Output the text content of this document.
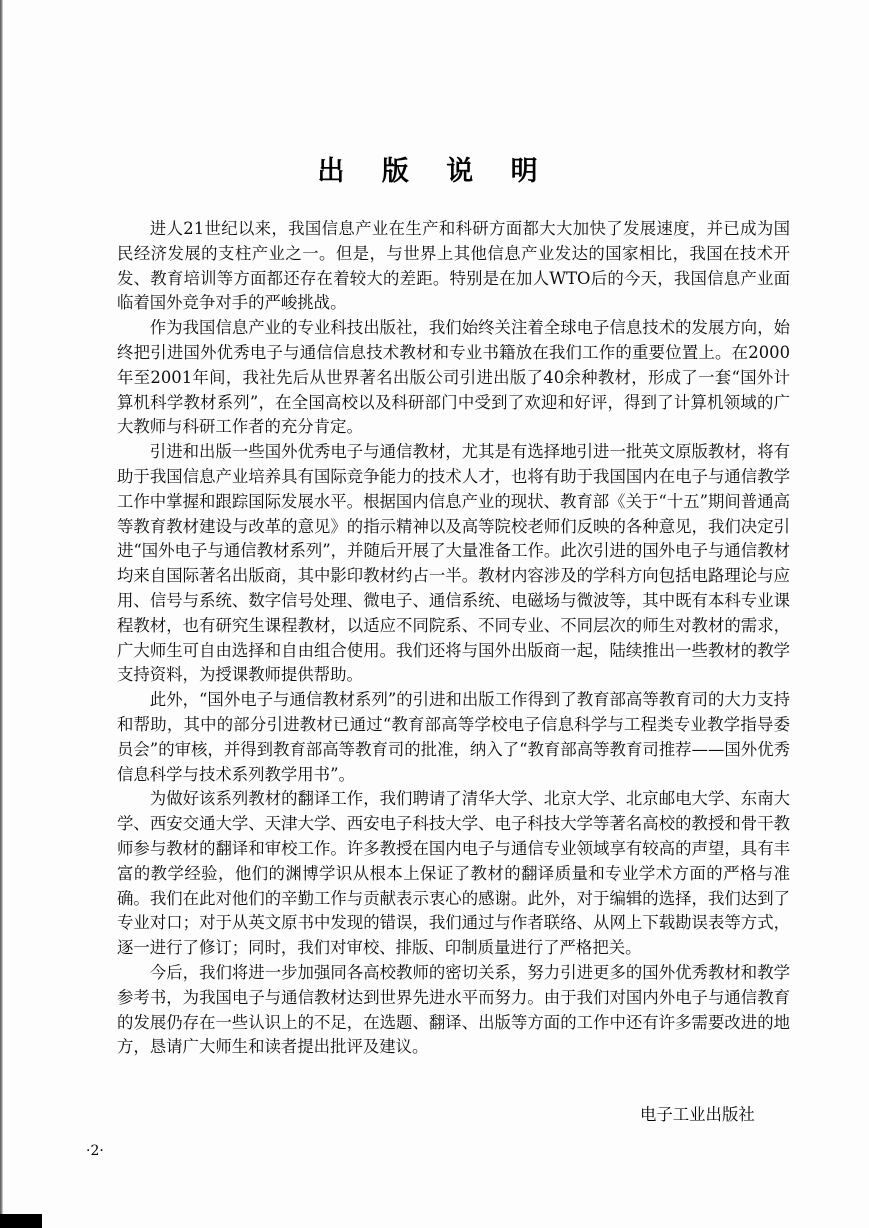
出 版 说 明

进人21世纪以来，我国信息产业在生产和科研方面都大大加快了发展速度，并已成为国民经济发展的支柱产业之一。但是，与世界上其他信息产业发达的国家相比，我国在技术开发、教育培训等方面都还存在着较大的差距。特别是在加人WTO后的今天，我国信息产业面临着国外竞争对手的严峻挑战。

作为我国信息产业的专业科技出版社，我们始终关注着全球电子信息技术的发展方向，始终把引进国外优秀电子与通信信息技术教材和专业书籍放在我们工作的重要位置上。在2000年至2001年间，我社先后从世界著名出版公司引进出版了40余种教材，形成了一套“国外计算机科学教材系列”，在全国高校以及科研部门中受到了欢迎和好评，得到了计算机领域的广大教师与科研工作者的充分肯定。

引进和出版一些国外优秀电子与通信教材，尤其是有选择地引进一批英文原版教材，将有助于我国信息产业培养具有国际竞争能力的技术人才，也将有助于我国国内在电子与通信教学工作中掌握和跟踪国际发展水平。根据国内信息产业的现状、教育部《关于“十五”期间普通高等教育教材建设与改革的意见》的指示精神以及高等院校老师们反映的各种意见，我们决定引进“国外电子与通信教材系列”，并随后开展了大量准备工作。此次引进的国外电子与通信教材均来自国际著名出版商，其中影印教材约占一半。教材内容涉及的学科方向包括电路理论与应用、信号与系统、数字信号处理、微电子、通信系统、电磁场与微波等，其中既有本科专业课程教材，也有研究生课程教材，以适应不同院系、不同专业、不同层次的师生对教材的需求，广大师生可自由选择和自由组合使用。我们还将与国外出版商一起，陆续推出一些教材的教学支持资料，为授课教师提供帮助。

此外，“国外电子与通信教材系列”的引进和出版工作得到了教育部高等教育司的大力支持和帮助，其中的部分引进教材已通过“教育部高等学校电子信息科学与工程类专业教学指导委员会”的审核，并得到教育部高等教育司的批准，纳入了“教育部高等教育司推荐——国外优秀信息科学与技术系列教学用书”。

为做好该系列教材的翻译工作，我们聘请了清华大学、北京大学、北京邮电大学、东南大学、西安交通大学、天津大学、西安电子科技大学、电子科技大学等著名高校的教授和骨干教师参与教材的翻译和审校工作。许多教授在国内电子与通信专业领域享有较高的声望，具有丰富的教学经验，他们的渊博学识从根本上保证了教材的翻译质量和专业学术方面的严格与准确。我们在此对他们的辛勤工作与贡献表示衷心的感谢。此外，对于编辑的选择，我们达到了专业对口；对于从英文原书中发现的错误，我们通过与作者联络、从网上下载勘误表等方式，逐一进行了修订；同时，我们对审校、排版、印制质量进行了严格把关。

今后，我们将进一步加强同各高校教师的密切关系，努力引进更多的国外优秀教材和教学参考书，为我国电子与通信教材达到世界先进水平而努力。由于我们对国内外电子与通信教育的发展仍存在一些认识上的不足，在选题、翻译、出版等方面的工作中还有许多需要改进的地方，恳请广大师生和读者提出批评及建议。

电子工业出版社
·2·
